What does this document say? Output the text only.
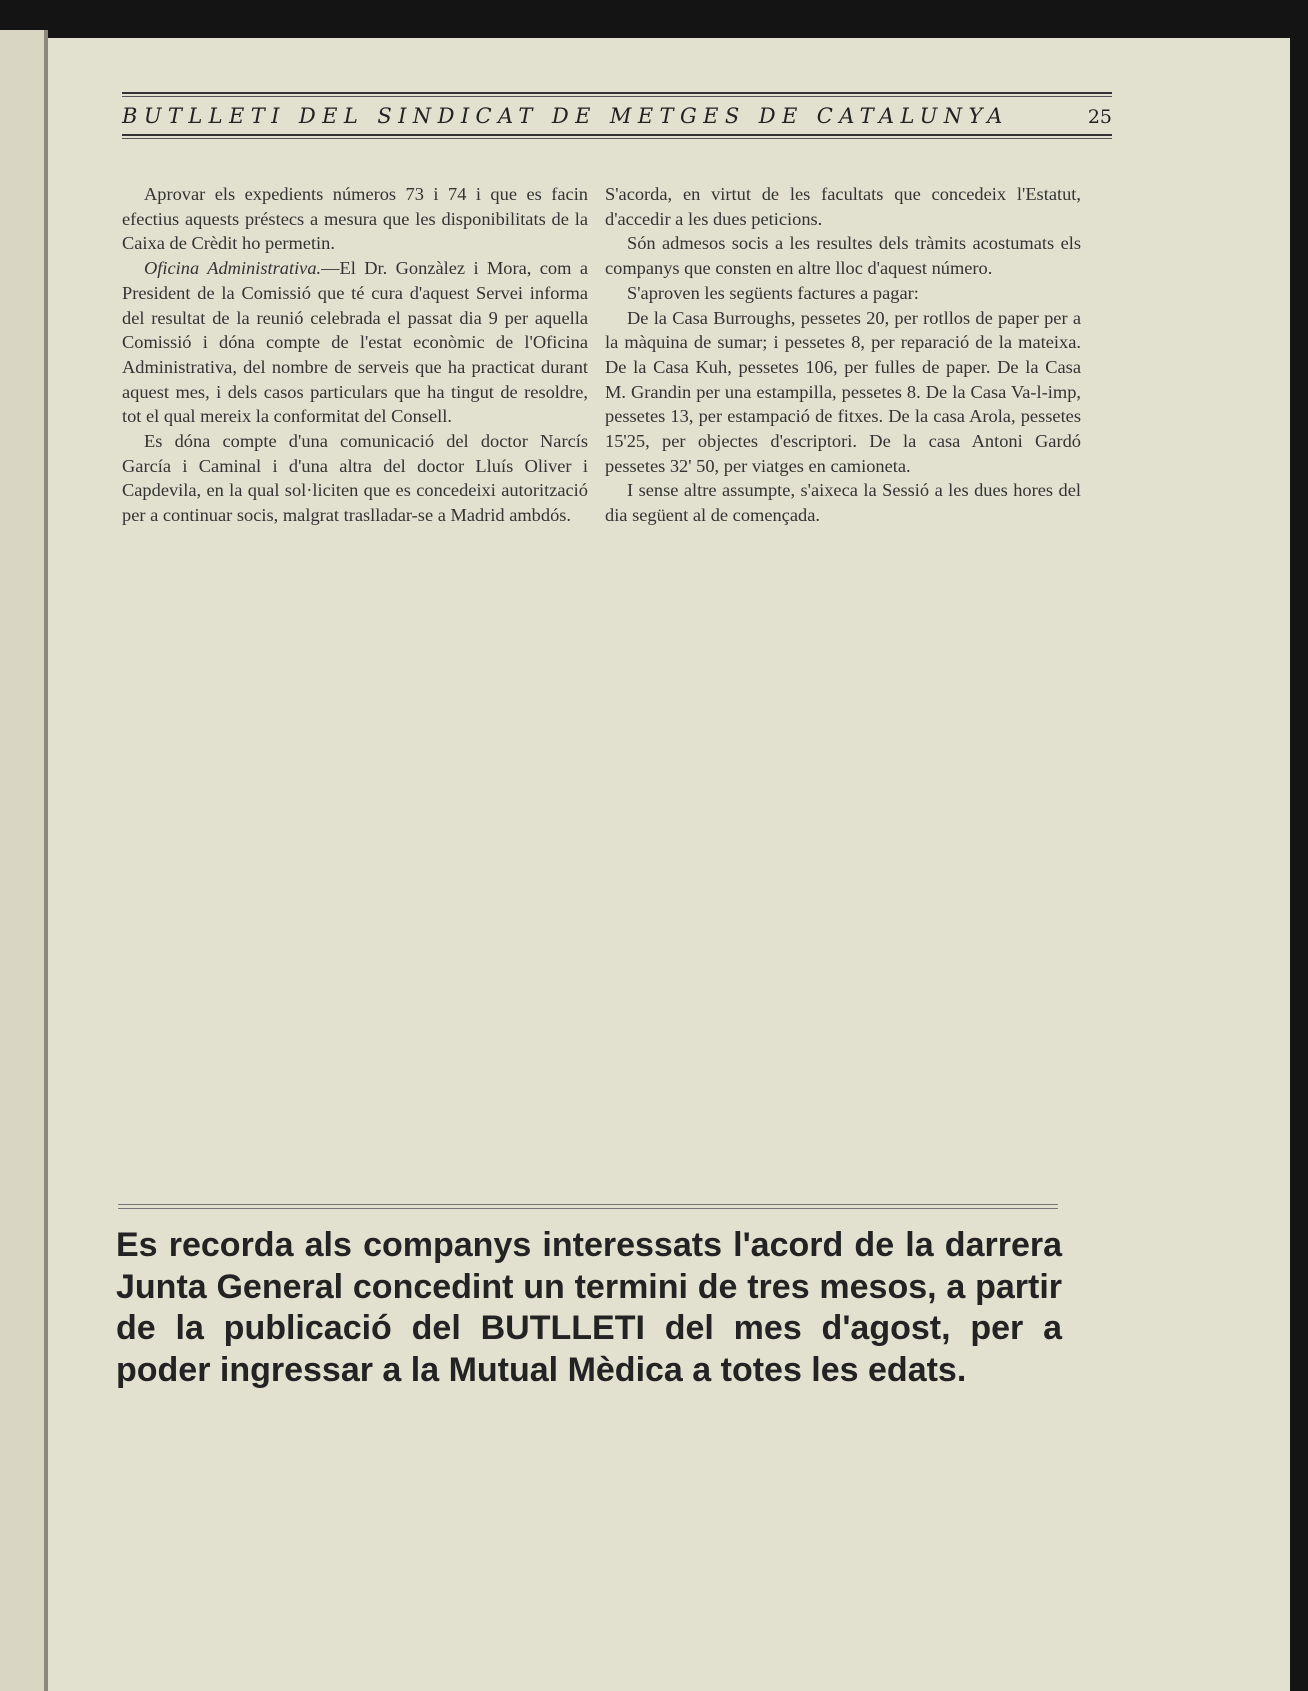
BUTLLETI DEL SINDICAT DE METGES DE CATALUNYA	25

Aprovar els expedients números 73 i 74 i que es facin efectius aquests préstecs a mesura que les disponibilitats de la Caixa de Crèdit ho permetin.

Oficina Administrativa.—El Dr. Gonzàlez i Mora, com a President de la Comissió que té cura d'aquest Servei informa del resultat de la reunió celebrada el passat dia 9 per aquella Comissió i dóna compte de l'estat econòmic de l'Oficina Administrativa, del nombre de serveis que ha practicat durant aquest mes, i dels casos particulars que ha tingut de resoldre, tot el qual mereix la conformitat del Consell.

Es dóna compte d'una comunicació del doctor Narcís García i Caminal i d'una altra del doctor Lluís Oliver i Capdevila, en la qual sol·liciten que es concedeixi autorització per a continuar socis, malgrat traslladar-se a Madrid ambdós.

S'acorda, en virtut de les facultats que concedeix l'Estatut, d'accedir a les dues peticions.

Són admesos socis a les resultes dels tràmits acostumats els companys que consten en altre lloc d'aquest número.

S'aproven les següents factures a pagar:

De la Casa Burroughs, pessetes 20, per rotllos de paper per a la màquina de sumar; i pessetes 8, per reparació de la mateixa. De la Casa Kuh, pessetes 106, per fulles de paper. De la Casa M. Grandin per una estampilla, pessetes 8. De la Casa Va-l-imp, pessetes 13, per estampació de fitxes. De la casa Arola, pessetes 15'25, per objectes d'escriptori. De la casa Antoni Gardó pessetes 32' 50, per viatges en camioneta.

I sense altre assumpte, s'aixeca la Sessió a les dues hores del dia següent al de començada.

Es recorda als companys interessats l'acord de la darrera Junta General concedint un termini de tres mesos, a partir de la publicació del BUTLLETI del mes d'agost, per a poder ingressar a la Mutual Mèdica a totes les edats.
